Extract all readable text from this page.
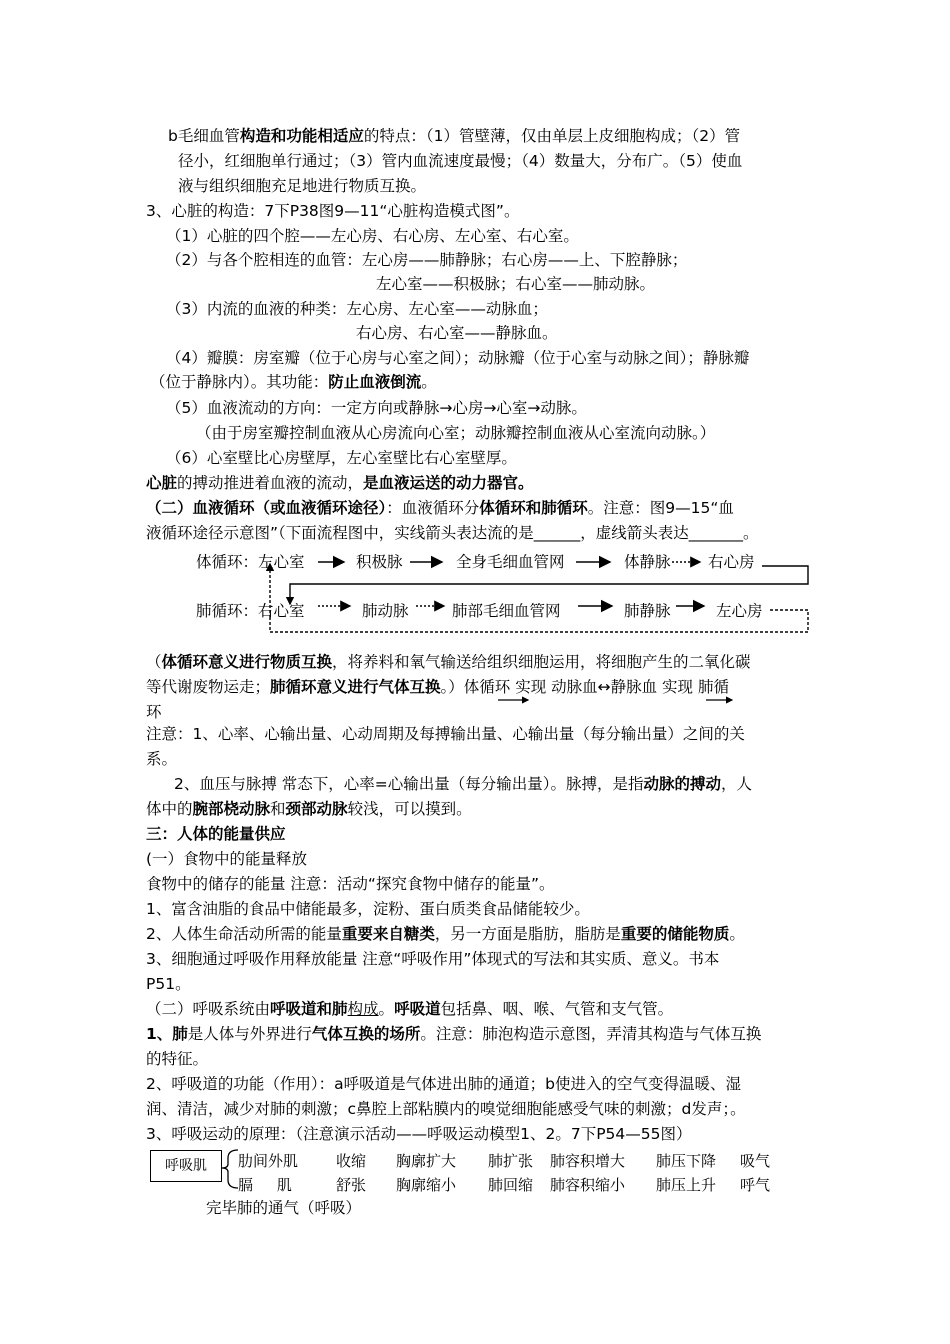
b毛细血管构造和功能相适应的特点：（1）管壁薄，仅由单层上皮细胞构成；（2）管
径小，红细胞单行通过；（3）管内血流速度最慢；（4）数量大，分布广。（5）使血
液与组织细胞充足地进行物质互换。
3、心脏的构造：7下P38图9—11“心脏构造模式图”。
（1）心脏的四个腔——左心房、右心房、左心室、右心室。
（2）与各个腔相连的血管：左心房——肺静脉；右心房——上、下腔静脉；
左心室——积极脉；右心室——肺动脉。
（3）内流的血液的种类：左心房、左心室——动脉血；
右心房、右心室——静脉血。
（4）瓣膜：房室瓣（位于心房与心室之间）；动脉瓣（位于心室与动脉之间）；静脉瓣
（位于静脉内）。其功能：防止血液倒流。
（5）血液流动的方向：一定方向或静脉→心房→心室→动脉。
（由于房室瓣控制血液从心房流向心室；动脉瓣控制血液从心室流向动脉。）
（6）心室壁比心房壁厚，左心室壁比右心室壁厚。
心脏的搏动推进着血液的流动，是血液运送的动力器官。
（二）血液循环（或血液循环途径）：血液循环分体循环和肺循环。注意：图9—15“血
液循环途径示意图”（下面流程图中，实线箭头表达流的是______，虚线箭头表达_______。
体循环：左心室	积极脉	全身毛细血管网	体静脉 右心房
肺循环：右心室	肺动脉	肺部毛细血管网	肺静脉	左心房
（体循环意义进行物质互换，将养料和氧气输送给组织细胞运用，将细胞产生的二氧化碳
等代谢废物运走；肺循环意义进行气体互换。）体循环 实现 动脉血↔静脉血 实现 肺循
环
注意：1、心率、心输出量、心动周期及每搏输出量、心输出量（每分输出量）之间的关
系。
2、血压与脉搏 常态下，心率=心输出量（每分输出量）。脉搏，是指动脉的搏动，人
体中的腕部桡动脉和颈部动脉较浅，可以摸到。
三：人体的能量供应
(一）食物中的能量释放
食物中的储存的能量 注意：活动“探究食物中储存的能量”。
1、富含油脂的食品中储能最多，淀粉、蛋白质类食品储能较少。
2、人体生命活动所需的能量重要来自糖类，另一方面是脂肪，脂肪是重要的储能物质。
3、细胞通过呼吸作用释放能量 注意“呼吸作用”体现式的写法和其实质、意义。书本
P51。
（二）呼吸系统由呼吸道和肺构成。呼吸道包括鼻、咽、喉、气管和支气管。
1、肺是人体与外界进行气体互换的场所。注意：肺泡构造示意图，弄清其构造与气体互换
的特征。
2、呼吸道的功能（作用）：a呼吸道是气体进出肺的通道；b使进入的空气变得温暖、湿
润、清洁，减少对肺的刺激；c鼻腔上部粘膜内的嗅觉细胞能感受气味的刺激；d发声；。
3、呼吸运动的原理：（注意演示活动——呼吸运动模型1、2。7下P54—55图）
呼吸肌	肋间外肌	收缩 胸廓扩大 肺扩张 肺容积增大 肺压下降 吸气
膈     肌	舒张 胸廓缩小 肺回缩 肺容积缩小 肺压上升 呼气
完毕肺的通气（呼吸）
